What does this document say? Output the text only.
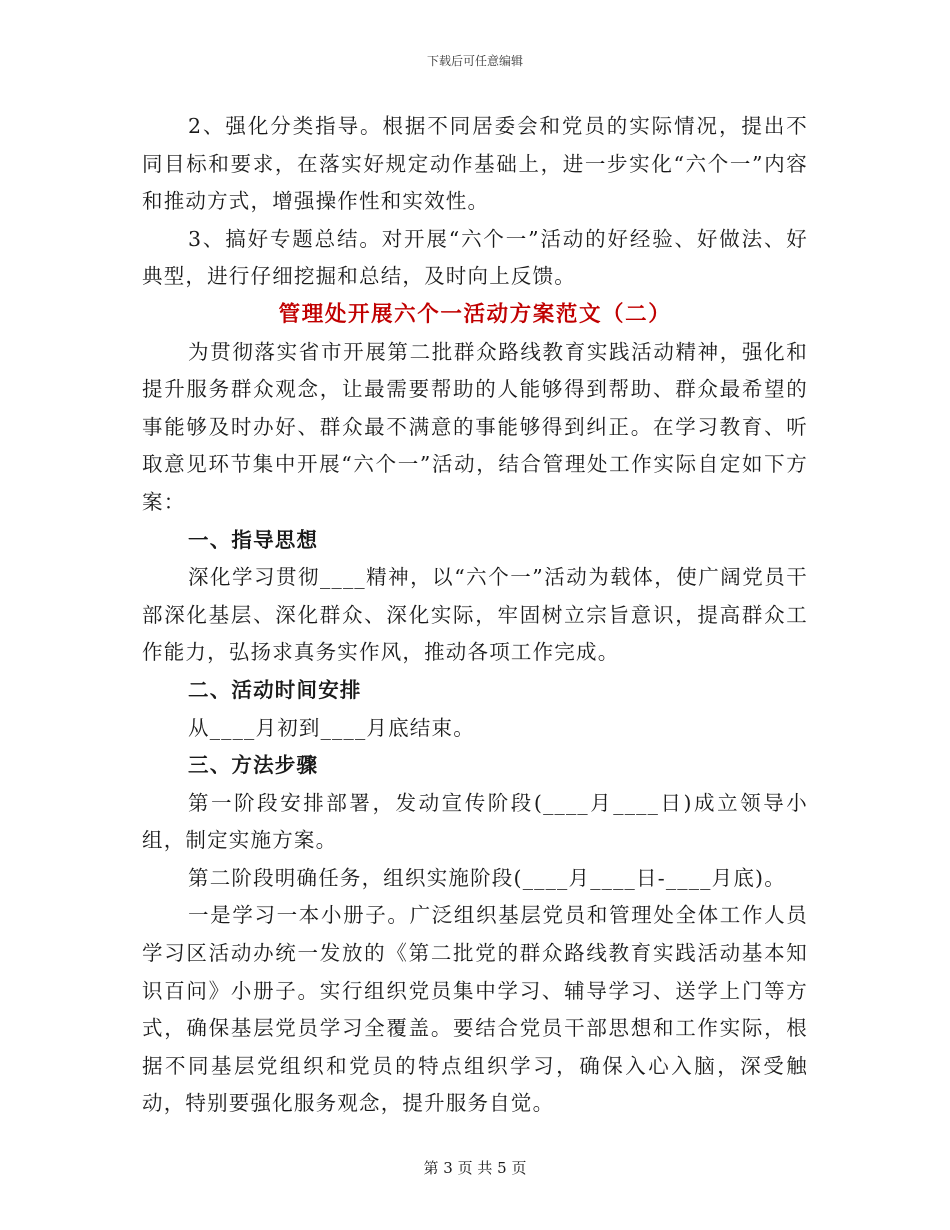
下载后可任意编辑

2、强化分类指导。根据不同居委会和党员的实际情况，提出不同目标和要求，在落实好规定动作基础上，进一步实化“六个一”内容和推动方式，增强操作性和实效性。

3、搞好专题总结。对开展“六个一”活动的好经验、好做法、好典型，进行仔细挖掘和总结，及时向上反馈。

管理处开展六个一活动方案范文（二）

为贯彻落实省市开展第二批群众路线教育实践活动精神，强化和提升服务群众观念，让最需要帮助的人能够得到帮助、群众最希望的事能够及时办好、群众最不满意的事能够得到纠正。在学习教育、听取意见环节集中开展“六个一”活动，结合管理处工作实际自定如下方案：

一、指导思想

深化学习贯彻____精神，以“六个一”活动为载体，使广阔党员干部深化基层、深化群众、深化实际，牢固树立宗旨意识，提高群众工作能力，弘扬求真务实作风，推动各项工作完成。

二、活动时间安排

从____月初到____月底结束。

三、方法步骤

第一阶段安排部署，发动宣传阶段(____月____日)成立领导小组，制定实施方案。

第二阶段明确任务，组织实施阶段(____月____日-____月底)。

一是学习一本小册子。广泛组织基层党员和管理处全体工作人员学习区活动办统一发放的《第二批党的群众路线教育实践活动基本知识百问》小册子。实行组织党员集中学习、辅导学习、送学上门等方式，确保基层党员学习全覆盖。要结合党员干部思想和工作实际，根据不同基层党组织和党员的特点组织学习，确保入心入脑，深受触动，特别要强化服务观念，提升服务自觉。

第 3 页 共 5 页
